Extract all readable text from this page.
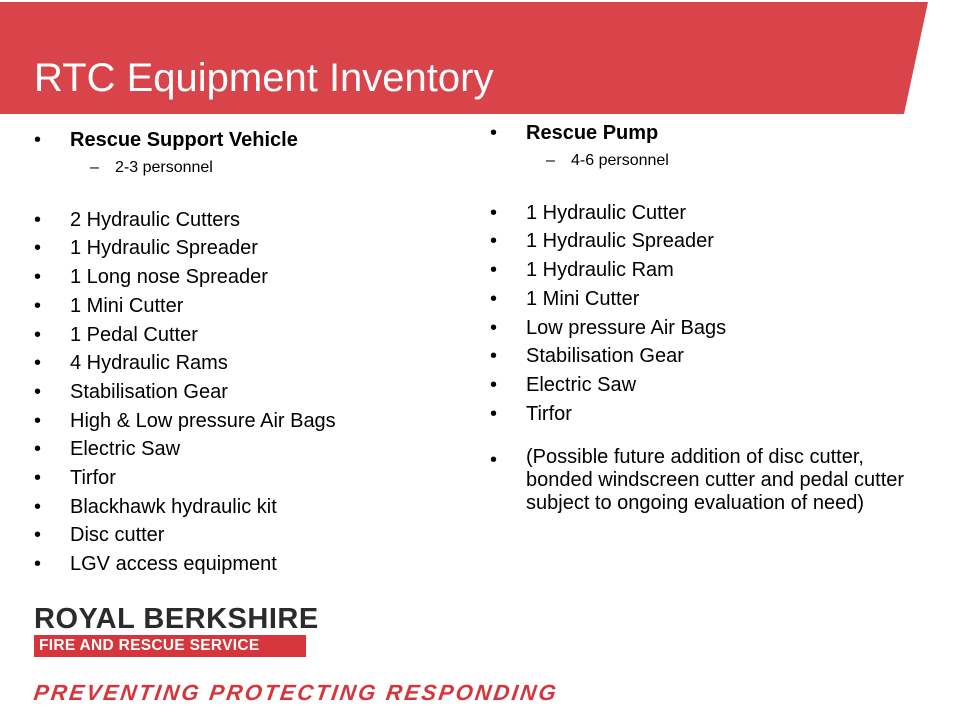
RTC Equipment Inventory
•	Rescue Support Vehicle
–	2-3 personnel
•	2 Hydraulic Cutters
•	1 Hydraulic Spreader
•	1 Long nose Spreader
•	1 Mini Cutter
•	1 Pedal Cutter
•	4 Hydraulic Rams
•	Stabilisation Gear
•	High & Low pressure Air Bags
•	Electric Saw
•	Tirfor
•	Blackhawk hydraulic kit
•	Disc cutter
•	LGV access equipment
•	Rescue Pump
–	4-6 personnel
•	1 Hydraulic Cutter
•	1 Hydraulic Spreader
•	1 Hydraulic Ram
•	1 Mini Cutter
•	Low pressure Air Bags
•	Stabilisation Gear
•	Electric Saw
•	Tirfor
•	(Possible future addition of disc cutter, bonded windscreen cutter and pedal cutter subject to ongoing evaluation of need)
ROYAL BERKSHIRE
FIRE AND RESCUE SERVICE
PREVENTING PROTECTING RESPONDING
